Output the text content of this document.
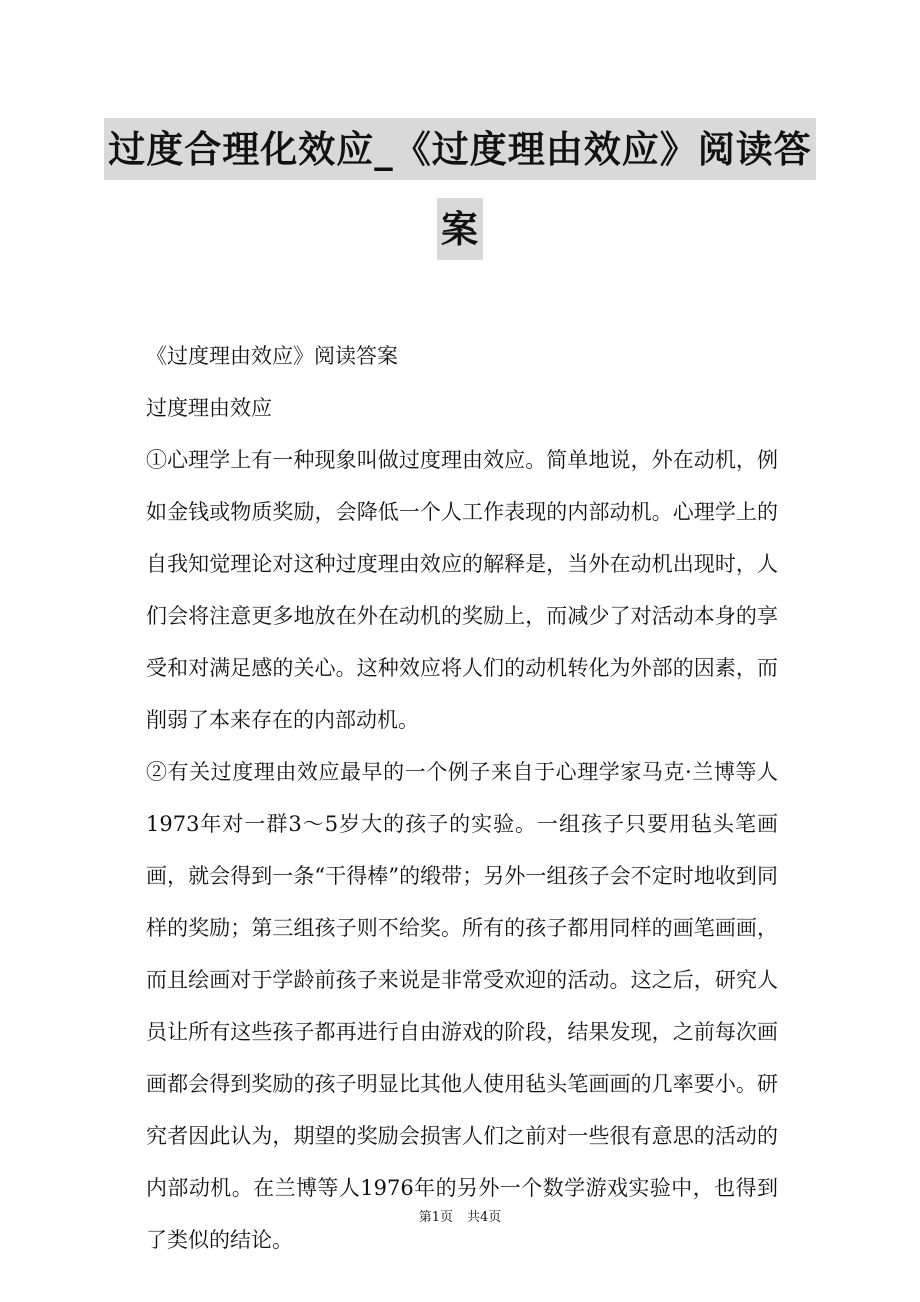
过度合理化效应_《过度理由效应》阅读答
案

《过度理由效应》阅读答案

过度理由效应

①心理学上有一种现象叫做过度理由效应。简单地说，外在动机，例如金钱或物质奖励，会降低一个人工作表现的内部动机。心理学上的自我知觉理论对这种过度理由效应的解释是，当外在动机出现时，人们会将注意更多地放在外在动机的奖励上，而减少了对活动本身的享受和对满足感的关心。这种效应将人们的动机转化为外部的因素，而削弱了本来存在的内部动机。

②有关过度理由效应最早的一个例子来自于心理学家马克·兰博等人1973年对一群3～5岁大的孩子的实验。一组孩子只要用毡头笔画画，就会得到一条“干得棒”的缎带；另外一组孩子会不定时地收到同样的奖励；第三组孩子则不给奖。所有的孩子都用同样的画笔画画，而且绘画对于学龄前孩子来说是非常受欢迎的活动。这之后，研究人员让所有这些孩子都再进行自由游戏的阶段，结果发现，之前每次画画都会得到奖励的孩子明显比其他人使用毡头笔画画的几率要小。研究者因此认为，期望的奖励会损害人们之前对一些很有意思的活动的内部动机。在兰博等人1976年的另外一个数学游戏实验中，也得到了类似的结论。

第1页 共4页
